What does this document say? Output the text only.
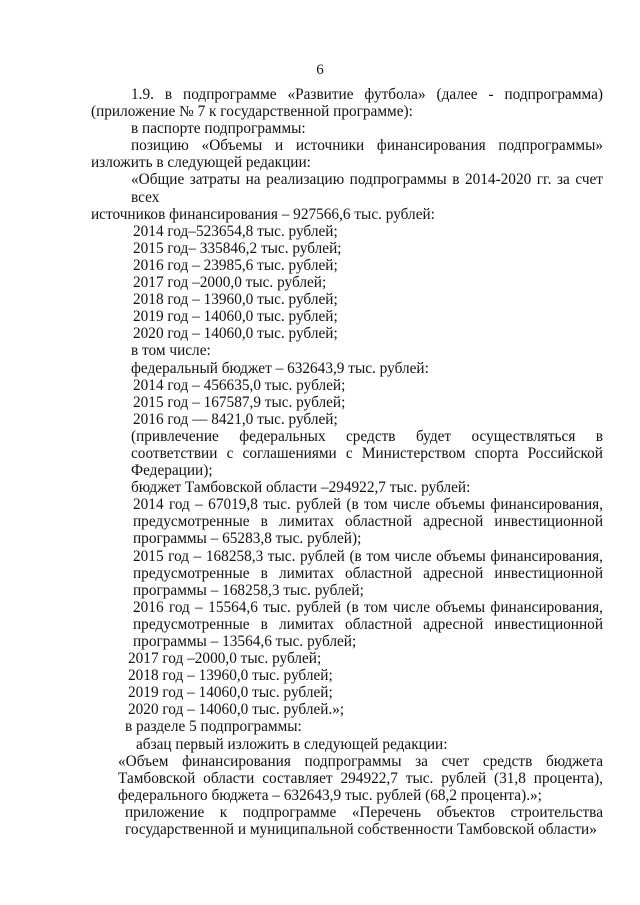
6

1.9. в подпрограмме «Развитие футбола» (далее - подпрограмма)

(приложение № 7 к государственной программе):

в паспорте подпрограммы:

позицию «Объемы и источники финансирования подпрограммы»

изложить в следующей редакции:

«Общие затраты на реализацию подпрограммы в 2014-2020 гг. за счет всех

источников финансирования – 927566,6 тыс. рублей:

2014 год–523654,8 тыс. рублей;

2015 год– 335846,2 тыс. рублей;

2016 год – 23985,6 тыс. рублей;

2017 год –2000,0 тыс. рублей;

2018 год – 13960,0 тыс. рублей;

2019 год – 14060,0 тыс. рублей;

2020 год – 14060,0 тыс. рублей;

в том числе:

федеральный бюджет – 632643,9 тыс. рублей:

2014 год – 456635,0 тыс. рублей;

2015 год – 167587,9 тыс. рублей;

2016 год — 8421,0 тыс. рублей;

(привлечение федеральных средств будет осуществляться в соответствии с соглашениями с Министерством спорта Российской Федерации);

бюджет Тамбовской области –294922,7 тыс. рублей:

2014 год – 67019,8 тыс. рублей (в том числе объемы финансирования, предусмотренные в лимитах областной адресной инвестиционной программы – 65283,8 тыс. рублей);

2015 год – 168258,3 тыс. рублей (в том числе объемы финансирования, предусмотренные в лимитах областной адресной инвестиционной программы – 168258,3 тыс. рублей;

2016 год – 15564,6 тыс. рублей (в том числе объемы финансирования, предусмотренные в лимитах областной адресной инвестиционной программы – 13564,6 тыс. рублей;

2017 год –2000,0 тыс. рублей;

2018 год – 13960,0 тыс. рублей;

2019 год – 14060,0 тыс. рублей;

2020 год – 14060,0 тыс. рублей.»;

в разделе 5 подпрограммы:

абзац первый изложить в следующей редакции:

«Объем финансирования подпрограммы за счет средств бюджета Тамбовской области составляет 294922,7 тыс. рублей (31,8 процента), федерального бюджета – 632643,9 тыс. рублей (68,2 процента).»;

приложение к подпрограмме «Перечень объектов строительства государственной и муниципальной собственности Тамбовской области»
